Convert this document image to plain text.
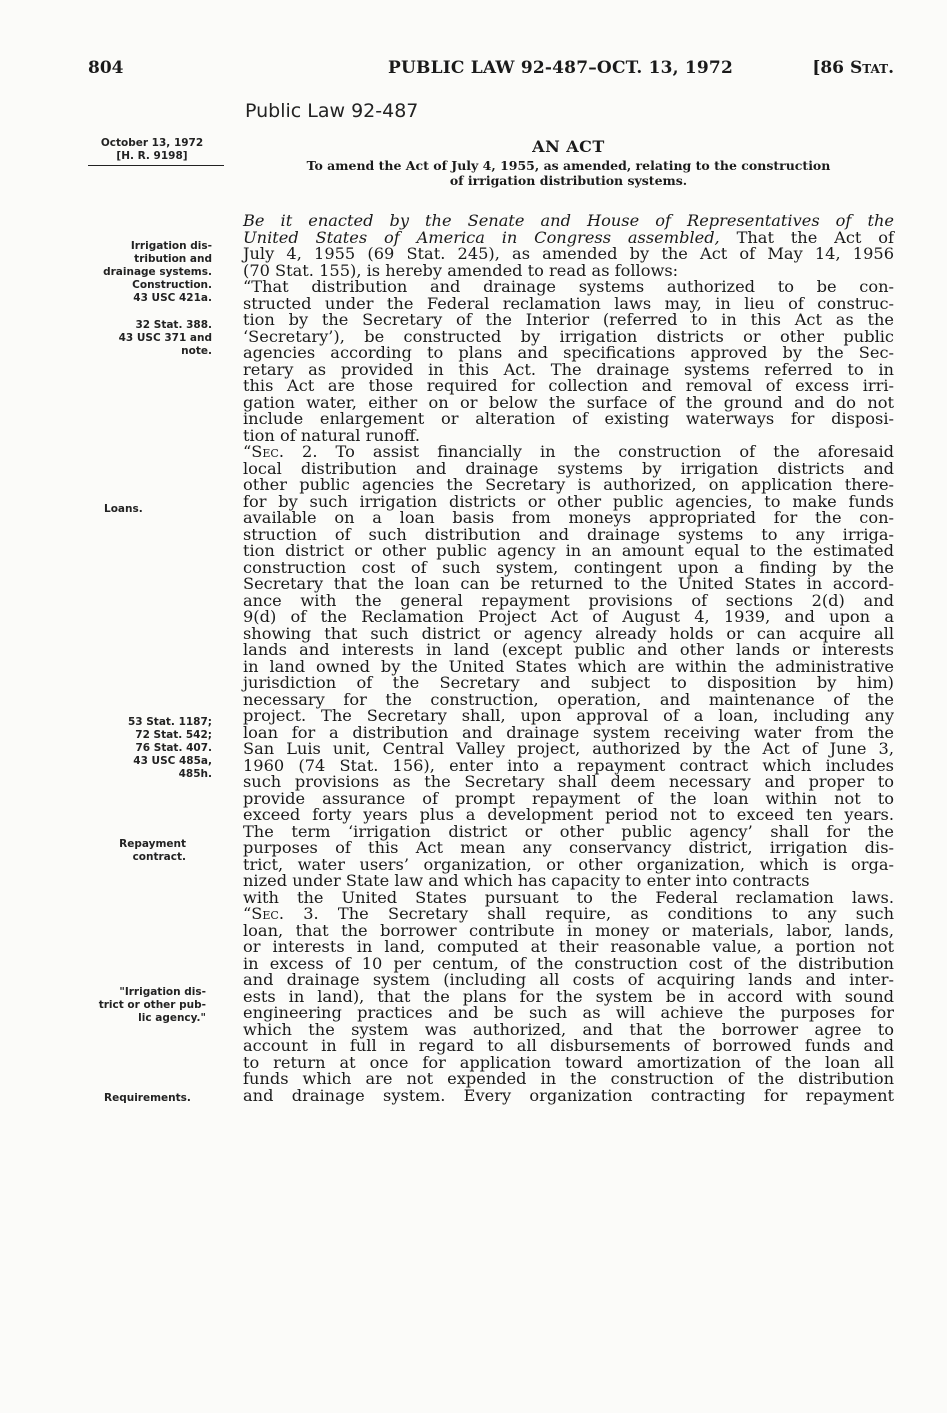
804	PUBLIC LAW 92-487–OCT. 13, 1972	[86 Stat.
Public Law 92-487
October 13, 1972
[H. R. 9198]
Irrigation dis-
tribution and
drainage systems.
Construction.
43 USC 421a.
32 Stat. 388.
43 USC 371 and
note.
Loans.
53 Stat. 1187;
72 Stat. 542;
76 Stat. 407.
43 USC 485a,
485h.
Repayment
contract.
"Irrigation dis-
trict or other pub-
lic agency."
Requirements.
AN ACT
To amend the Act of July 4, 1955, as amended, relating to the construction
of irrigation distribution systems.
Be it enacted by the Senate and House of Representatives of the
United States of America in Congress assembled, That the Act of
July 4, 1955 (69 Stat. 245), as amended by the Act of May 14, 1956
(70 Stat. 155), is hereby amended to read as follows:
“That distribution and drainage systems authorized to be con-
structed under the Federal reclamation laws may, in lieu of construc-
tion by the Secretary of the Interior (referred to in this Act as the
‘Secretary’), be constructed by irrigation districts or other public
agencies according to plans and specifications approved by the Sec-
retary as provided in this Act. The drainage systems referred to in
this Act are those required for collection and removal of excess irri-
gation water, either on or below the surface of the ground and do not
include enlargement or alteration of existing waterways for disposi-
tion of natural runoff.
“Sec. 2. To assist financially in the construction of the aforesaid
local distribution and drainage systems by irrigation districts and
other public agencies the Secretary is authorized, on application there-
for by such irrigation districts or other public agencies, to make funds
available on a loan basis from moneys appropriated for the con-
struction of such distribution and drainage systems to any irriga-
tion district or other public agency in an amount equal to the estimated
construction cost of such system, contingent upon a finding by the
Secretary that the loan can be returned to the United States in accord-
ance with the general repayment provisions of sections 2(d) and
9(d) of the Reclamation Project Act of August 4, 1939, and upon a
showing that such district or agency already holds or can acquire all
lands and interests in land (except public and other lands or interests
in land owned by the United States which are within the administrative
jurisdiction of the Secretary and subject to disposition by him)
necessary for the construction, operation, and maintenance of the
project. The Secretary shall, upon approval of a loan, including any
loan for a distribution and drainage system receiving water from the
San Luis unit, Central Valley project, authorized by the Act of June 3,
1960 (74 Stat. 156), enter into a repayment contract which includes
such provisions as the Secretary shall deem necessary and proper to
provide assurance of prompt repayment of the loan within not to
exceed forty years plus a development period not to exceed ten years.
The term ‘irrigation district or other public agency’ shall for the
purposes of this Act mean any conservancy district, irrigation dis-
trict, water users’ organization, or other organization, which is orga-
nized under State law and which has capacity to enter into contracts
with the United States pursuant to the Federal reclamation laws.
“Sec. 3. The Secretary shall require, as conditions to any such
loan, that the borrower contribute in money or materials, labor, lands,
or interests in land, computed at their reasonable value, a portion not
in excess of 10 per centum, of the construction cost of the distribution
and drainage system (including all costs of acquiring lands and inter-
ests in land), that the plans for the system be in accord with sound
engineering practices and be such as will achieve the purposes for
which the system was authorized, and that the borrower agree to
account in full in regard to all disbursements of borrowed funds and
to return at once for application toward amortization of the loan all
funds which are not expended in the construction of the distribution
and drainage system. Every organization contracting for repayment
